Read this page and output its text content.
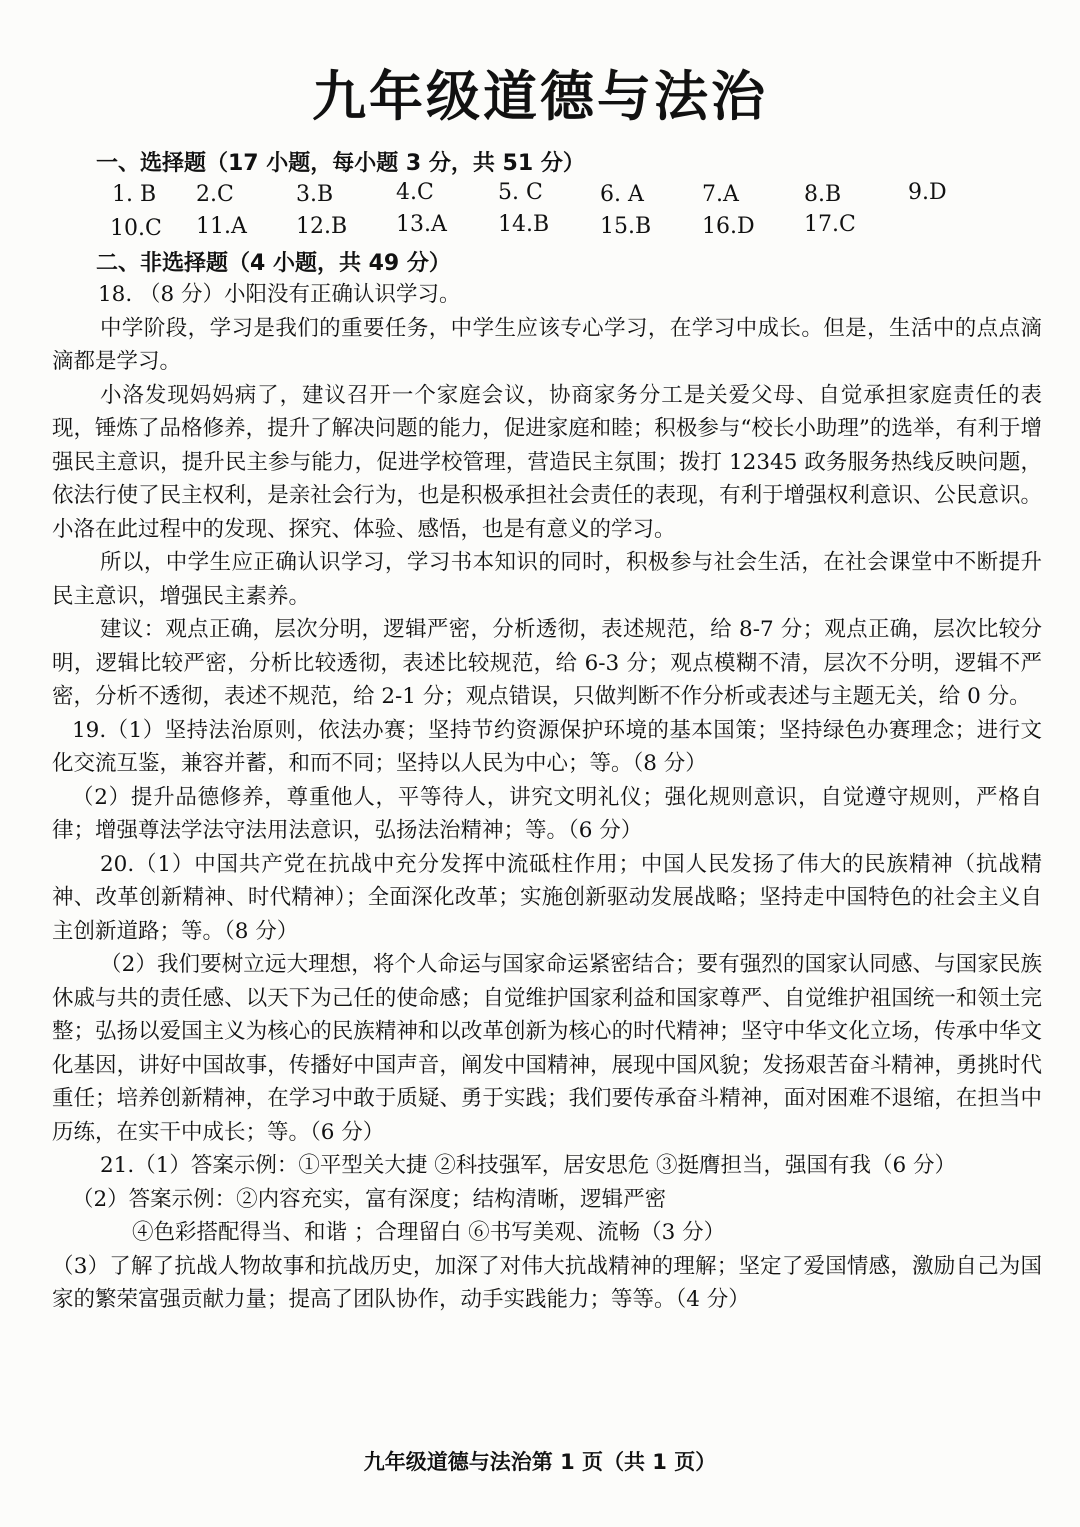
九年级道德与法治
一、选择题（17 小题，每小题 3 分，共 51 分）
1. B 2.C	3.B	4.C	5. C	6. A	7.A	8.B	9.D
10.C 11.A 12.B 13.A 14.B 15.B 16.D 17.C
二、非选择题（4 小题，共 49 分）

18. （8 分）小阳没有正确认识学习。

中学阶段，学习是我们的重要任务，中学生应该专心学习，在学习中成长。但是，生活中的点点滴滴都是学习。

小洛发现妈妈病了，建议召开一个家庭会议，协商家务分工是关爱父母、自觉承担家庭责任的表现，锤炼了品格修养，提升了解决问题的能力，促进家庭和睦；积极参与“校长小助理”的选举，有利于增强民主意识，提升民主参与能力，促进学校管理，营造民主氛围；拨打 12345 政务服务热线反映问题，依法行使了民主权利，是亲社会行为，也是积极承担社会责任的表现，有利于增强权利意识、公民意识。小洛在此过程中的发现、探究、体验、感悟，也是有意义的学习。

所以，中学生应正确认识学习，学习书本知识的同时，积极参与社会生活，在社会课堂中不断提升民主意识，增强民主素养。

建议：观点正确，层次分明，逻辑严密，分析透彻，表述规范，给 8-7 分；观点正确，层次比较分明，逻辑比较严密，分析比较透彻，表述比较规范，给 6-3 分；观点模糊不清，层次不分明，逻辑不严密，分析不透彻，表述不规范，给 2-1 分；观点错误，只做判断不作分析或表述与主题无关，给 0 分。

19.（1）坚持法治原则，依法办赛；坚持节约资源保护环境的基本国策；坚持绿色办赛理念；进行文化交流互鉴，兼容并蓄，和而不同；坚持以人民为中心；等。（8 分）

（2）提升品德修养，尊重他人，平等待人，讲究文明礼仪；强化规则意识，自觉遵守规则，严格自律；增强尊法学法守法用法意识，弘扬法治精神；等。（6 分）

20.（1）中国共产党在抗战中充分发挥中流砥柱作用；中国人民发扬了伟大的民族精神（抗战精神、改革创新精神、时代精神）；全面深化改革；实施创新驱动发展战略；坚持走中国特色的社会主义自主创新道路；等。（8 分）

（2）我们要树立远大理想，将个人命运与国家命运紧密结合；要有强烈的国家认同感、与国家民族休戚与共的责任感、以天下为己任的使命感；自觉维护国家利益和国家尊严、自觉维护祖国统一和领土完整；弘扬以爱国主义为核心的民族精神和以改革创新为核心的时代精神；坚守中华文化立场，传承中华文化基因，讲好中国故事，传播好中国声音，阐发中国精神，展现中国风貌；发扬艰苦奋斗精神，勇挑时代重任；培养创新精神，在学习中敢于质疑、勇于实践；我们要传承奋斗精神，面对困难不退缩，在担当中历练，在实干中成长；等。（6 分）

21.（1）答案示例：①平型关大捷 ②科技强军，居安思危 ③挺膺担当，强国有我（6 分）

（2）答案示例：②内容充实，富有深度；结构清晰，逻辑严密

④色彩搭配得当、和谐 ；合理留白 ⑥书写美观、流畅（3 分）

（3）了解了抗战人物故事和抗战历史，加深了对伟大抗战精神的理解；坚定了爱国情感，激励自己为国家的繁荣富强贡献力量；提高了团队协作，动手实践能力；等等。（4 分）

九年级道德与法治第 1 页（共 1 页）
